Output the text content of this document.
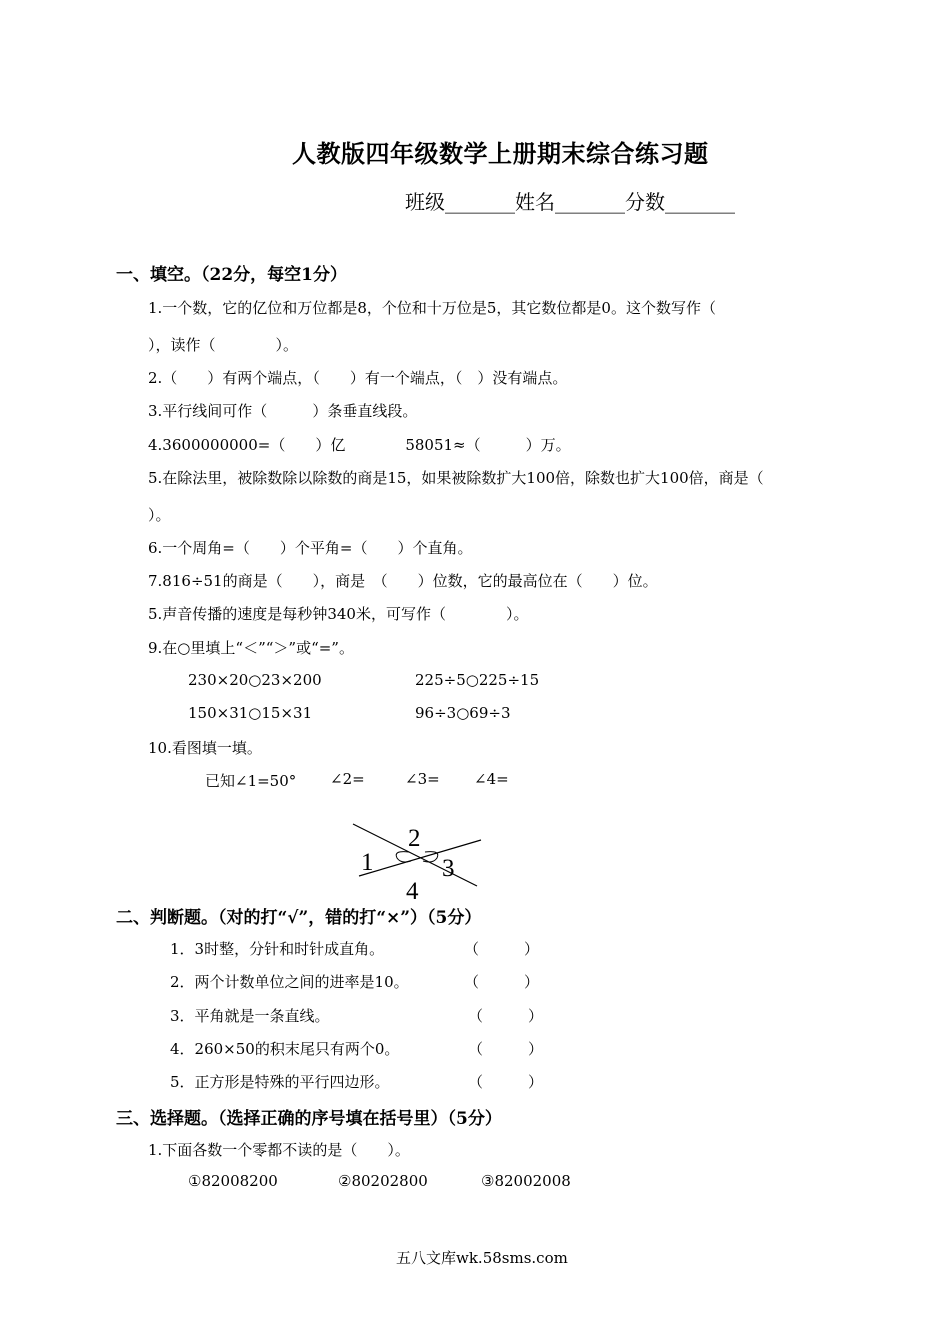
人教版四年级数学上册期末综合练习题
班级_______姓名_______分数_______
一、填空。（22分，每空1分）
1.一个数，它的亿位和万位都是8，个位和十万位是5，其它数位都是0。这个数写作（
），读作（　　　　）。
2.（　　）有两个端点，（　　）有一个端点，（　）没有端点。
3.平行线间可作（　　　）条垂直线段。
4.3600000000=（　　）亿　　　　58051≈（　　　）万。
5.在除法里，被除数除以除数的商是15，如果被除数扩大100倍，除数也扩大100倍，商是（
）。
6.一个周角=（　　）个平角=（　　）个直角。
7.816÷51的商是（　　），商是　（　　）位数，它的最高位在（　　）位。
5.声音传播的速度是每秒钟340米，可写作（　　　　）。
9.在○里填上“＜”“＞”或“=”。
230×20○23×200	225÷5○225÷15
150×31○15×31	96÷3○69÷3
10.看图填一填。
已知∠1=50° ∠2=	∠3= ∠4=
1
2
3
4
二、判断题。（对的打“√”，错的打“×”）（5分）
1．3时整，分针和时针成直角。	（　　　）
2．两个计数单位之间的进率是10。	（　　　）
3．平角就是一条直线。	（　　　）
4．260×50的积末尾只有两个0。	（　　　）
5．正方形是特殊的平行四边形。	（　　　）
三、选择题。（选择正确的序号填在括号里）（5分）
1.下面各数一个零都不读的是（　　）。
①82008200	②80202800	③82002008
五八文库wk.58sms.com
